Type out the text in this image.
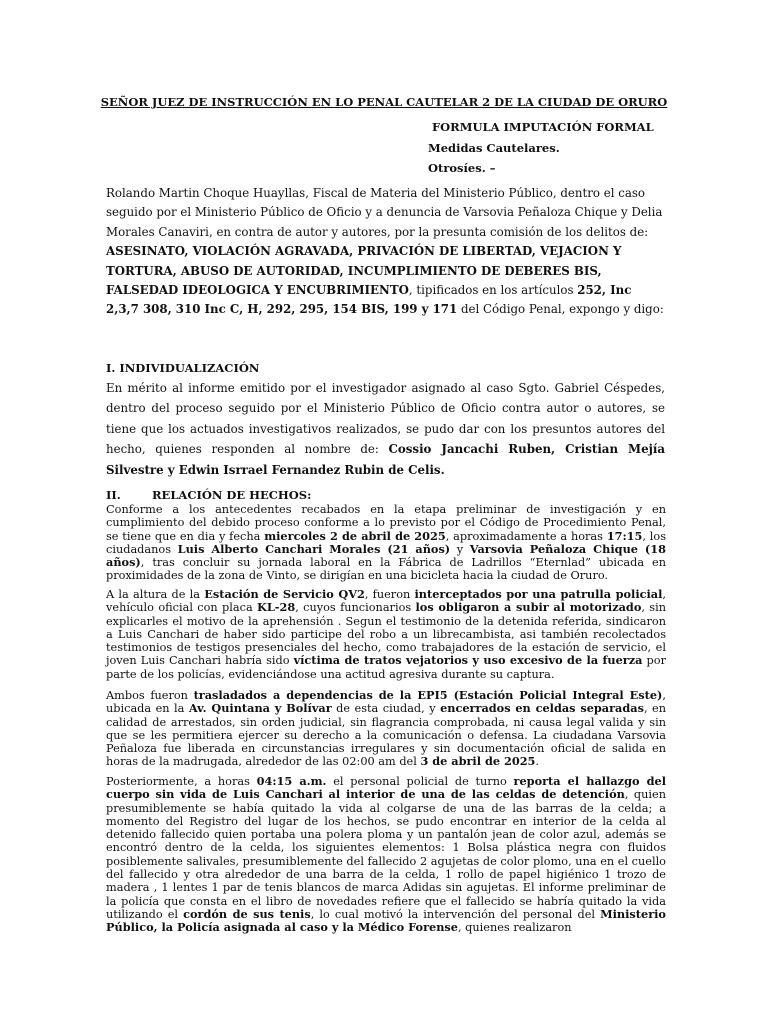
SEÑOR JUEZ DE INSTRUCCIÓN EN LO PENAL CAUTELAR 2 DE LA CIUDAD DE ORURO
FORMULA IMPUTACIÓN FORMAL
Medidas Cautelares.
Otrosíes. –
Rolando Martin Choque Huayllas, Fiscal de Materia del Ministerio Público, dentro el caso seguido por el Ministerio Público de Oficio y a denuncia de Varsovia Peñaloza Chique y Delia Morales Canaviri, en contra de autor y autores, por la presunta comisión de los delitos de: ASESINATO, VIOLACIÓN AGRAVADA, PRIVACIÓN DE LIBERTAD, VEJACION Y TORTURA, ABUSO DE AUTORIDAD, INCUMPLIMIENTO DE DEBERES BIS, FALSEDAD IDEOLOGICA Y ENCUBRIMIENTO, tipificados en los artículos 252, Inc 2,3,7 308, 310 Inc C, H, 292, 295, 154 BIS, 199 y 171 del Código Penal, expongo y digo:
I. INDIVIDUALIZACIÓN
En mérito al informe emitido por el investigador asignado al caso Sgto. Gabriel Céspedes, dentro del proceso seguido por el Ministerio Público de Oficio contra autor o autores, se tiene que los actuados investigativos realizados, se pudo dar con los presuntos autores del hecho, quienes responden al nombre de: Cossio Jancachi Ruben, Cristian Mejía Silvestre y Edwin Isrrael Fernandez Rubin de Celis.
II.	RELACIÓN DE HECHOS:
Conforme a los antecedentes recabados en la etapa preliminar de investigación y en cumplimiento del debido proceso conforme a lo previsto por el Código de Procedimiento Penal, se tiene que en dia y fecha miercoles 2 de abril de 2025, aproximadamente a horas 17:15, los ciudadanos Luis Alberto Canchari Morales (21 años) y Varsovia Peñaloza Chique (18 años), tras concluir su jornada laboral en la Fábrica de Ladrillos “Eternlad” ubicada en proximidades de la zona de Vinto, se dirigían en una bicicleta hacia la ciudad de Oruro.
A la altura de la Estación de Servicio QV2, fueron interceptados por una patrulla policial, vehículo oficial con placa KL-28, cuyos funcionarios los obligaron a subir al motorizado, sin explicarles el motivo de la aprehensión . Segun el testimonio de la detenida referida, sindicaron a Luis Canchari de haber sido participe del robo a un librecambista, asi también recolectados testimonios de testigos presenciales del hecho, como trabajadores de la estación de servicio, el joven Luis Canchari habría sido víctima de tratos vejatorios y uso excesivo de la fuerza por parte de los policías, evidenciándose una actitud agresiva durante su captura.
Ambos fueron trasladados a dependencias de la EPI5 (Estación Policial Integral Este), ubicada en la Av. Quintana y Bolívar de esta ciudad, y encerrados en celdas separadas, en calidad de arrestados, sin orden judicial, sin flagrancia comprobada, ni causa legal valida y sin que se les permitiera ejercer su derecho a la comunicación o defensa. La ciudadana Varsovia Peñaloza fue liberada en circunstancias irregulares y sin documentación oficial de salida en horas de la madrugada, alrededor de las 02:00 am del 3 de abril de 2025.
Posteriormente, a horas 04:15 a.m. el personal policial de turno reporta el hallazgo del cuerpo sin vida de Luis Canchari al interior de una de las celdas de detención, quien presumiblemente se había quitado la vida al colgarse de una de las barras de la celda; a momento del Registro del lugar de los hechos, se pudo encontrar en interior de la celda al detenido fallecido quien portaba una polera ploma y un pantalón jean de color azul, además se encontró dentro de la celda, los siguientes elementos: 1 Bolsa plástica negra con fluidos posiblemente salivales, presumiblemente del fallecido 2 agujetas de color plomo, una en el cuello del fallecido y otra alrededor de una barra de la celda, 1 rollo de papel higiénico 1 trozo de madera , 1 lentes 1 par de tenis blancos de marca Adidas sin agujetas. El informe preliminar de la policía que consta en el libro de novedades refiere que el fallecido se habría quitado la vida utilizando el cordón de sus tenis, lo cual motivó la intervención del personal del Ministerio Público, la Policía asignada al caso y la Médico Forense, quienes realizaron
